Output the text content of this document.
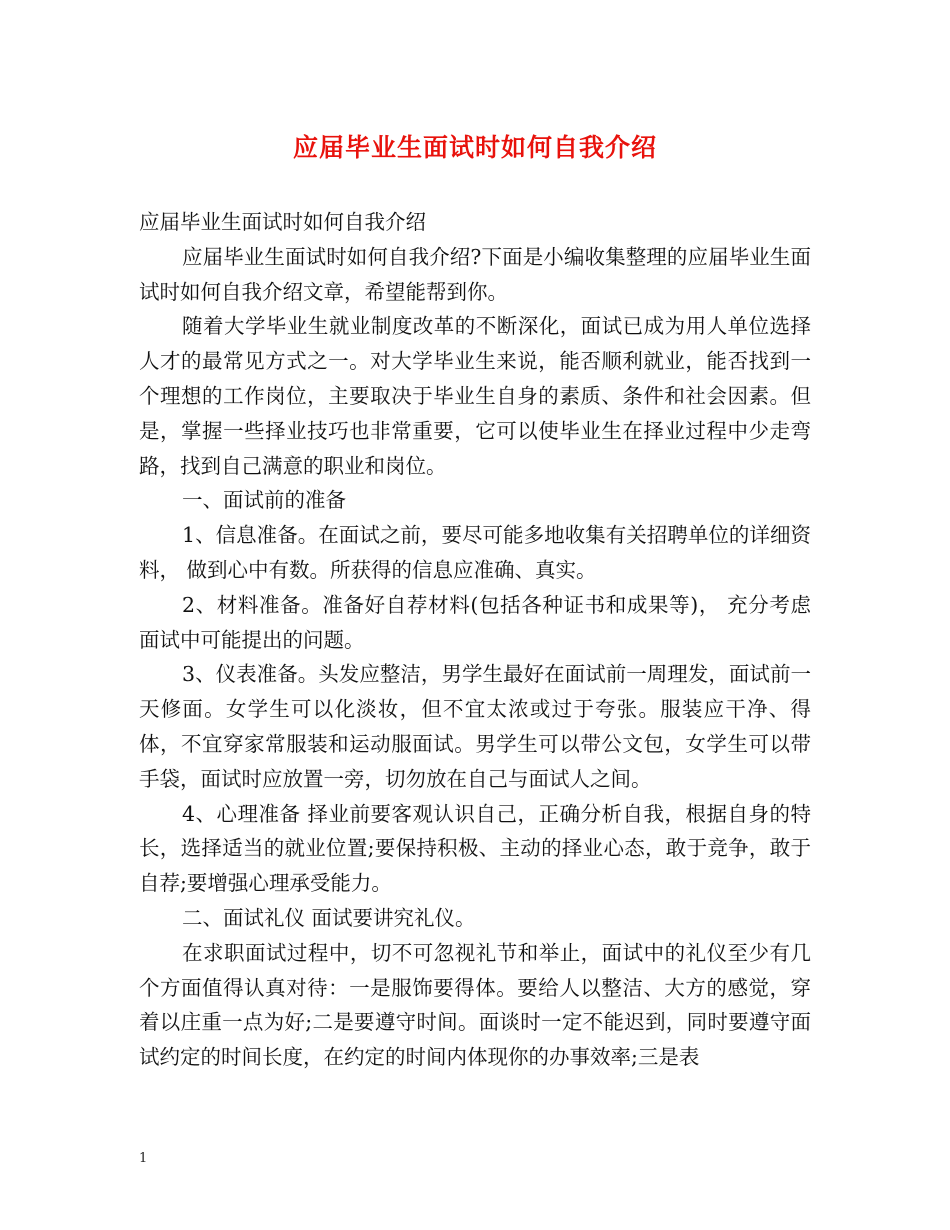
应届毕业生面试时如何自我介绍

应届毕业生面试时如何自我介绍

应届毕业生面试时如何自我介绍?下面是小编收集整理的应届毕业生面试时如何自我介绍文章，希望能帮到你。

随着大学毕业生就业制度改革的不断深化，面试已成为用人单位选择人才的最常见方式之一。对大学毕业生来说，能否顺利就业，能否找到一个理想的工作岗位，主要取决于毕业生自身的素质、条件和社会因素。但是，掌握一些择业技巧也非常重要，它可以使毕业生在择业过程中少走弯路，找到自己满意的职业和岗位。

一、面试前的准备

1、信息准备。在面试之前，要尽可能多地收集有关招聘单位的详细资料， 做到心中有数。所获得的信息应准确、真实。

2、材料准备。准备好自荐材料(包括各种证书和成果等)， 充分考虑面试中可能提出的问题。

3、仪表准备。头发应整洁，男学生最好在面试前一周理发，面试前一天修面。女学生可以化淡妆，但不宜太浓或过于夸张。服装应干净、得体，不宜穿家常服装和运动服面试。男学生可以带公文包，女学生可以带手袋，面试时应放置一旁，切勿放在自己与面试人之间。

4、心理准备 择业前要客观认识自己，正确分析自我，根据自身的特长，选择适当的就业位置;要保持积极、主动的择业心态，敢于竞争，敢于自荐;要增强心理承受能力。

二、面试礼仪 面试要讲究礼仪。

在求职面试过程中，切不可忽视礼节和举止，面试中的礼仪至少有几个方面值得认真对待：一是服饰要得体。要给人以整洁、大方的感觉，穿着以庄重一点为好;二是要遵守时间。面谈时一定不能迟到，同时要遵守面试约定的时间长度，在约定的时间内体现你的办事效率;三是表

1
